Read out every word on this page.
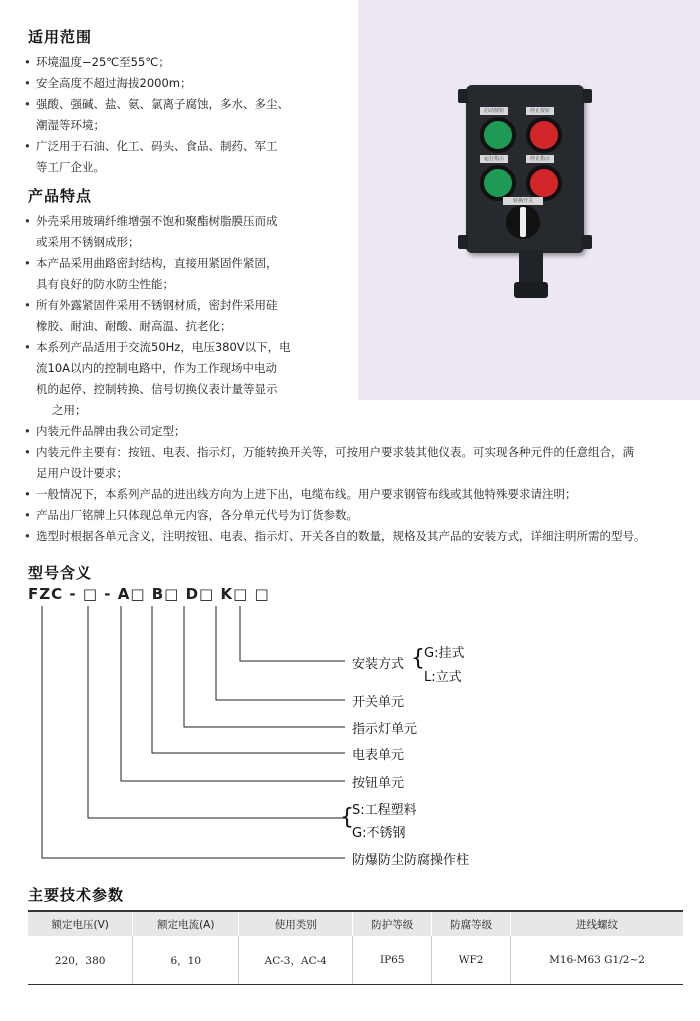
启动按钮	停止按钮
运行指示	停止指示
转换开关
适用范围
• 环境温度−25℃至55℃；
• 安全高度不超过海拔2000m；
• 强酸、强碱、盐、氨、氯离子腐蚀，多水、多尘、
潮湿等环境；
• 广泛用于石油、化工、码头、食品、制药、军工
等工厂企业。
产品特点
• 外壳采用玻璃纤维增强不饱和聚酯树脂膜压而成
或采用不锈钢成形；
• 本产品采用曲路密封结构，直接用紧固件紧固，
具有良好的防水防尘性能；
• 所有外露紧固件采用不锈钢材质，密封件采用硅
橡胶、耐油、耐酸、耐高温、抗老化；
• 本系列产品适用于交流50Hz，电压380V以下，电
流10A以内的控制电路中，作为工作现场中电动
机的起停、控制转换、信号切换仪表计量等显示
之用；
• 内装元件品牌由我公司定型；
• 内装元件主要有：按钮、电表、指示灯，万能转换开关等，可按用户要求装其他仪表。可实现各种元件的任意组合，满
足用户设计要求；
• 一般情况下，本系列产品的进出线方向为上进下出，电缆布线。用户要求钢管布线或其他特殊要求请注明；
• 产品出厂铭牌上只体现总单元内容，各分单元代号为订货参数。
• 选型时根据各单元含义，注明按钮、电表、指示灯、开关各自的数量，规格及其产品的安装方式，详细注明所需的型号。
型号含义
FZC - □ - A□ B□ D□ K□ □
安装方式 { G:挂式
L:立式
开关单元
指示灯单元
电表单元
按钮单元
{
S:工程塑料
G:不锈钢
防爆防尘防腐操作柱
主要技术参数
额定电压(V)	额定电流(A)	使用类别	防护等级	防腐等级	进线螺纹
220，380	6，10	AC-3，AC-4	IP65	WF2	M16-M63 G1/2~2
